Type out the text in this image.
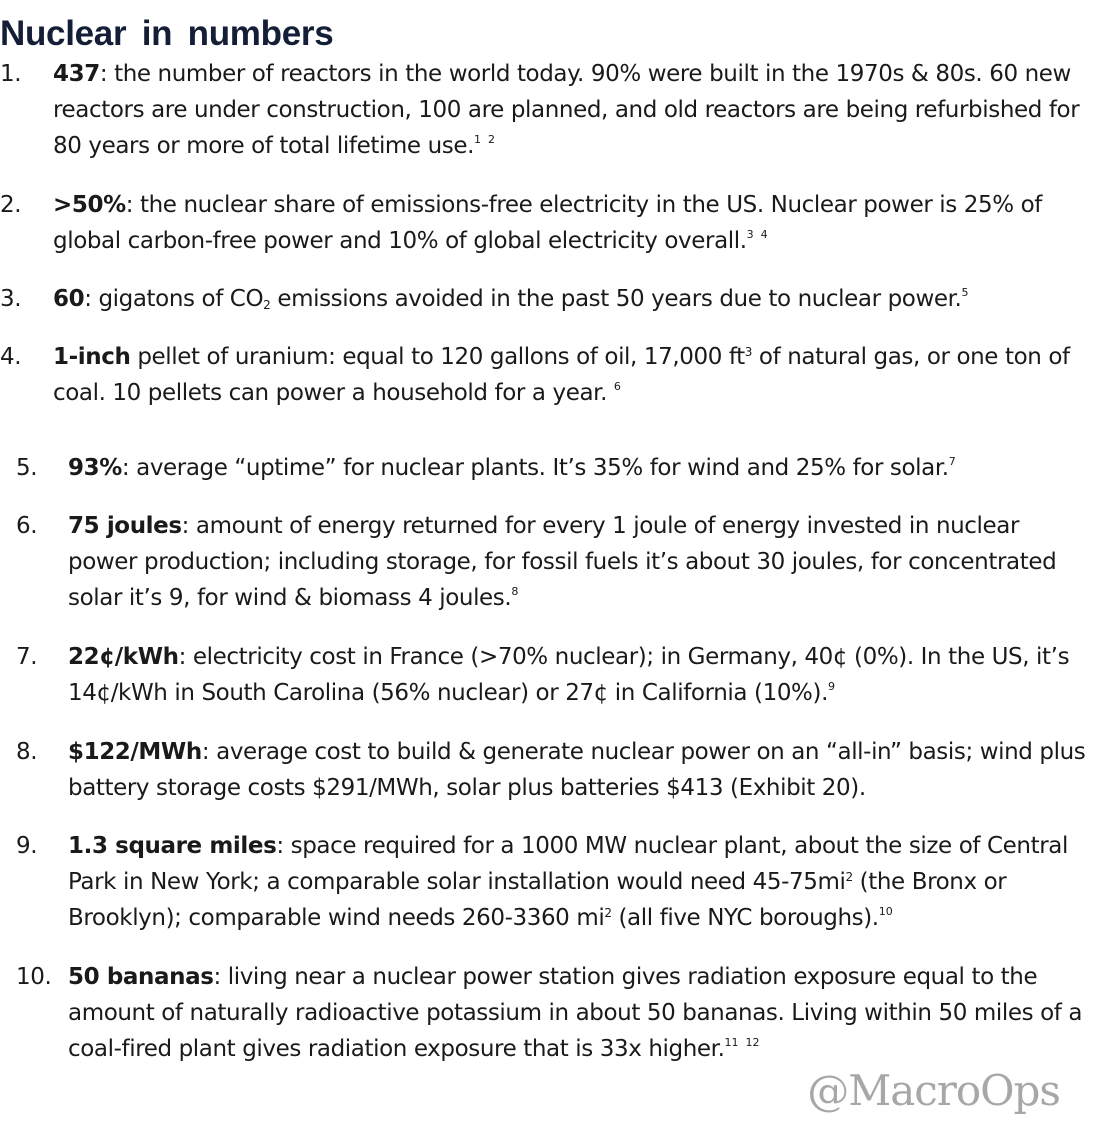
Nuclear in numbers
1. 437: the number of reactors in the world today. 90% were built in the 1970s & 80s. 60 new reactors are under construction, 100 are planned, and old reactors are being refurbished for 80 years or more of total lifetime use.$^{1 2}$
2. >50%: the nuclear share of emissions-free electricity in the US. Nuclear power is 25% of global carbon-free power and 10% of global electricity overall.$^{3 4}$
3. 60: gigatons of $CO_2$ emissions avoided in the past 50 years due to nuclear power.$^5$
4. 1-inch pellet of uranium: equal to 120 gallons of oil, 17,000 $ft^3$ of natural gas, or one ton of coal. 10 pellets can power a household for a year. $^6$
5. 93%: average “uptime” for nuclear plants. It’s 35% for wind and 25% for solar.$^7$
6. 75 joules: amount of energy returned for every 1 joule of energy invested in nuclear power production; including storage, for fossil fuels it’s about 30 joules, for concentrated solar it’s 9, for wind & biomass 4 joules.$^8$
7. 22¢/kWh: electricity cost in France (>70% nuclear); in Germany, 40¢ (0%). In the US, it’s 14¢/kWh in South Carolina (56% nuclear) or 27¢ in California (10%).$^9$
8. $122/MWh: average cost to build & generate nuclear power on an “all-in” basis; wind plus battery storage costs $291/MWh, solar plus batteries $413 (Exhibit 20).
9. 1.3 square miles: space required for a 1000 MW nuclear plant, about the size of Central Park in New York; a comparable solar installation would need $45-75mi^2$ (the Bronx or Brooklyn); comparable wind needs 260-3360 $mi^2$ (all five NYC boroughs).$^{10}$
10. 50 bananas: living near a nuclear power station gives radiation exposure equal to the amount of naturally radioactive potassium in about 50 bananas. Living within 50 miles of a coal-fired plant gives radiation exposure that is 33x higher.$^{11 12}$
@MacroOps
